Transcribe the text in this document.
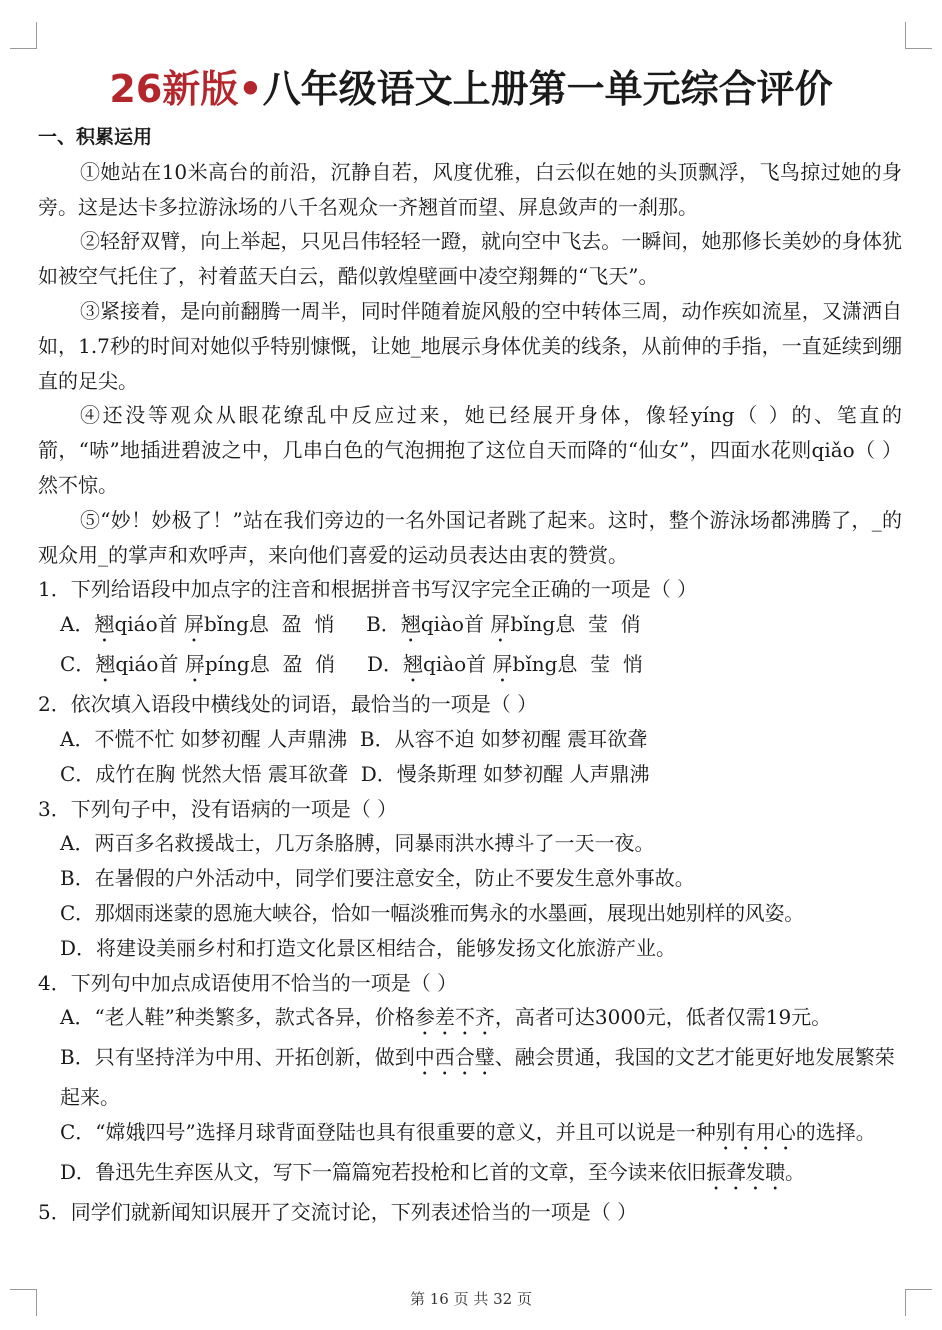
26新版•八年级语文上册第一单元综合评价
一、积累运用
①她站在10米高台的前沿，沉静自若，风度优雅，白云似在她的头顶飘浮，飞鸟掠过她的身旁。这是达卡多拉游泳场的八千名观众一齐翘首而望、屏息敛声的一刹那。
②轻舒双臂，向上举起，只见吕伟轻轻一蹬，就向空中飞去。一瞬间，她那修长美妙的身体犹如被空气托住了，衬着蓝天白云，酷似敦煌壁画中凌空翔舞的“飞天”。
③紧接着，是向前翻腾一周半，同时伴随着旋风般的空中转体三周，动作疾如流星，又潇洒自如，1.7秒的时间对她似乎特别慷慨，让她_地展示身体优美的线条，从前伸的手指，一直延续到绷直的足尖。
④还没等观众从眼花缭乱中反应过来，她已经展开身体，像轻yíng（ ）的、笔直的箭，“哧”地插进碧波之中，几串白色的气泡拥抱了这位自天而降的“仙女”，四面水花则qiǎo（ ）然不惊。
⑤“妙！妙极了！”站在我们旁边的一名外国记者跳了起来。这时，整个游泳场都沸腾了，_的观众用_的掌声和欢呼声，来向他们喜爱的运动员表达由衷的赞赏。
1．下列给语段中加点字的注音和根据拼音书写汉字完全正确的一项是（ ）
A．翘qiáo首 屏bǐng息 盈 悄 B．翘qiào首 屏bǐng息 莹 俏
C．翘qiáo首 屏píng息 盈 俏 D．翘qiào首 屏bǐng息 莹 悄
2．依次填入语段中横线处的词语，最恰当的一项是（ ）
A．不慌不忙 如梦初醒 人声鼎沸 B．从容不迫 如梦初醒 震耳欲聋
C．成竹在胸 恍然大悟 震耳欲聋 D．慢条斯理 如梦初醒 人声鼎沸
3．下列句子中，没有语病的一项是（ ）
A．两百多名救援战士，几万条胳膊，同暴雨洪水搏斗了一天一夜。
B．在暑假的户外活动中，同学们要注意安全，防止不要发生意外事故。
C．那烟雨迷蒙的恩施大峡谷，恰如一幅淡雅而隽永的水墨画，展现出她别样的风姿。
D．将建设美丽乡村和打造文化景区相结合，能够发扬文化旅游产业。
4．下列句中加点成语使用不恰当的一项是（ ）
A．“老人鞋”种类繁多，款式各异，价格参差不齐，高者可达3000元，低者仅需19元。
B．只有坚持洋为中用、开拓创新，做到中西合璧、融会贯通，我国的文艺才能更好地发展繁荣起来。
C．“嫦娥四号”选择月球背面登陆也具有很重要的意义，并且可以说是一种别有用心的选择。
D．鲁迅先生弃医从文，写下一篇篇宛若投枪和匕首的文章，至今读来依旧振聋发聩。
5．同学们就新闻知识展开了交流讨论，下列表述恰当的一项是（ ）
第 16 页 共 32 页
